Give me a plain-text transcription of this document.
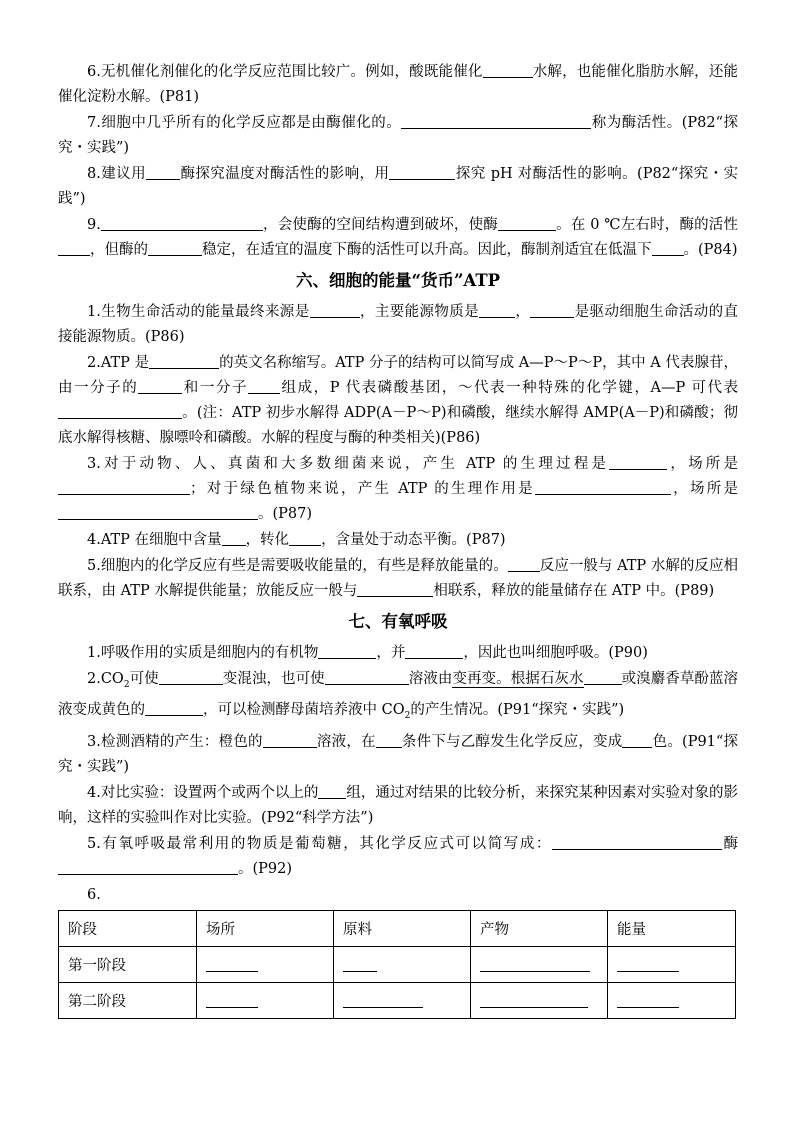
6.无机催化剂催化的化学反应范围比较广。例如，酸既能催化	水解，也能催化脂肪水解，还能催化淀粉水解。(P81)

7.细胞中几乎所有的化学反应都是由酶催化的。	称为酶活性。(P82“探究・实践”)

8.建议用 酶探究温度对酶活性的影响，用	探究 pH 对酶活性的影响。(P82“探究・实践”)

9.	，会使酶的空间结构遭到破坏，使酶	。在 0 ℃左右时，酶的活性，但酶的	稳定，在适宜的温度下酶的活性可以升高。因此，酶制剂适宜在低温下 。(P84)

六、细胞的能量“货币”ATP

1.生物生命活动的能量最终来源是	，主要能源物质是 ，	是驱动细胞生命活动的直接能源物质。(P86)

2.ATP 是	的英文名称缩写。ATP 分子的结构可以简写成 A—P～P～P，其中 A 代表腺苷，由一分子的	和一分子 组成，P 代表磷酸基团，～代表一种特殊的化学键，A—P 可代表。(注：ATP 初步水解得 ADP(A－P～P)和磷酸，继续水解得 AMP(A－P)和磷酸；彻底水解得核糖、腺嘌呤和磷酸。水解的程度与酶的种类相关)(P86)

3.对于动物、人、真菌和大多数细菌来说，产生 ATP 的生理过程是	，场所是；对于绿色植物来说，产生 ATP 的生理作用是	，场所是。(P87)

4.ATP 在细胞中含量 ，转化 ，含量处于动态平衡。(P87)

5.细胞内的化学反应有些是需要吸收能量的，有些是释放能量的。 反应一般与 ATP 水解的反应相联系，由 ATP 水解提供能量；放能反应一般与	相联系，释放的能量储存在 ATP 中。(P89)

七、有氧呼吸

1.呼吸作用的实质是细胞内的有机物	，并	，因此也叫细胞呼吸。(P90)

$2.CO_2$可使	变混浊，也可使	溶液由变再变。根据石灰水	或溴麝香草酚蓝溶液变成黄色的	，可以检测酵母菌培养液中 $CO_2$的产生情况。(P91“探究・实践”)

3.检测酒精的产生：橙色的	溶液，在 条件下与乙醇发生化学反应，变成 色。(P91“探究・实践”)

4.对比实验：设置两个或两个以上的 组，通过对结果的比较分析，来探究某种因素对实验对象的影响，这样的实验叫作对比实验。(P92“科学方法”)

5.有氧呼吸最常利用的物质是葡萄糖，其化学反应式可以简写成：	酶。(P92)

6.

阶段	场所	原料	产物	能量
第一阶段				
第二阶段				
